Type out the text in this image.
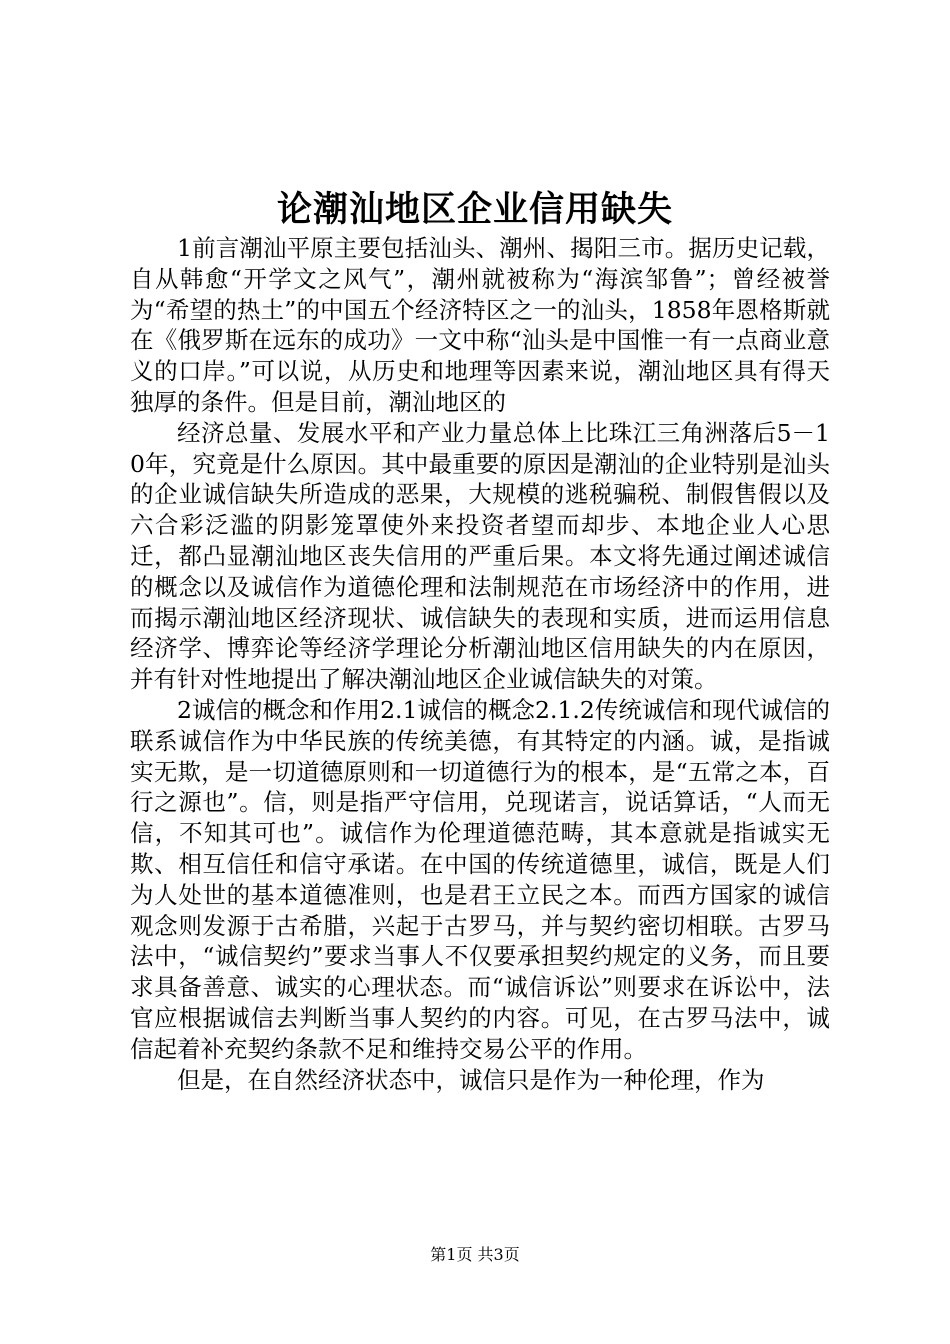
论潮汕地区企业信用缺失

1前言潮汕平原主要包括汕头、潮州、揭阳三市。据历史记载，自从韩愈“开学文之风气”，潮州就被称为“海滨邹鲁”；曾经被誉为“希望的热土”的中国五个经济特区之一的汕头，1858年恩格斯就在《俄罗斯在远东的成功》一文中称“汕头是中国惟一有一点商业意义的口岸。”可以说，从历史和地理等因素来说，潮汕地区具有得天独厚的条件。但是目前，潮汕地区的

经济总量、发展水平和产业力量总体上比珠江三角洲落后5－10年，究竟是什么原因。其中最重要的原因是潮汕的企业特别是汕头的企业诚信缺失所造成的恶果，大规模的逃税骗税、制假售假以及六合彩泛滥的阴影笼罩使外来投资者望而却步、本地企业人心思迁，都凸显潮汕地区丧失信用的严重后果。本文将先通过阐述诚信的概念以及诚信作为道德伦理和法制规范在市场经济中的作用，进而揭示潮汕地区经济现状、诚信缺失的表现和实质，进而运用信息经济学、博弈论等经济学理论分析潮汕地区信用缺失的内在原因，并有针对性地提出了解决潮汕地区企业诚信缺失的对策。

2诚信的概念和作用2.1诚信的概念2.1.2传统诚信和现代诚信的联系诚信作为中华民族的传统美德，有其特定的内涵。诚，是指诚实无欺，是一切道德原则和一切道德行为的根本，是“五常之本，百行之源也”。信，则是指严守信用，兑现诺言，说话算话，“人而无信，不知其可也”。诚信作为伦理道德范畴，其本意就是指诚实无欺、相互信任和信守承诺。在中国的传统道德里，诚信，既是人们为人处世的基本道德准则，也是君王立民之本。而西方国家的诚信观念则发源于古希腊，兴起于古罗马，并与契约密切相联。古罗马法中，“诚信契约”要求当事人不仅要承担契约规定的义务，而且要求具备善意、诚实的心理状态。而“诚信诉讼”则要求在诉讼中，法官应根据诚信去判断当事人契约的内容。可见，在古罗马法中，诚信起着补充契约条款不足和维持交易公平的作用。

但是，在自然经济状态中，诚信只是作为一种伦理，作为

第1页 共3页
